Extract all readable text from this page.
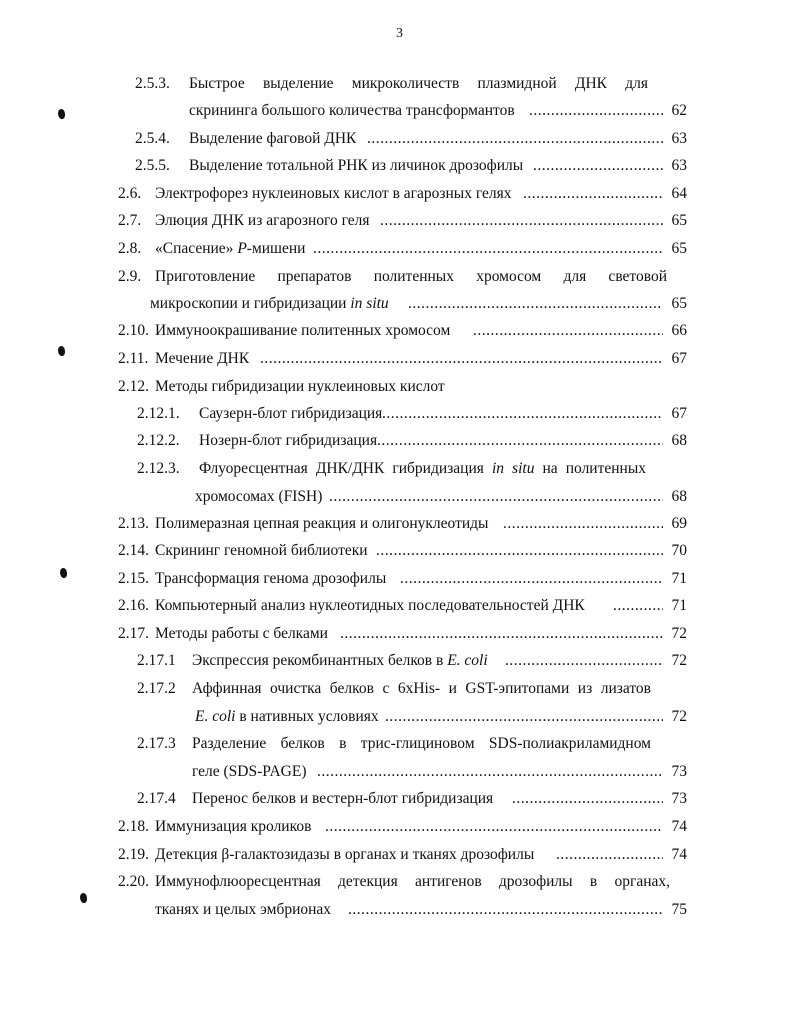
3
2.5.3. Быстрое выделение микроколичеств плазмидной ДНК для
скрининга большого количества трансформантов .....	62
2.5.4. Выделение фаговой ДНК .....	63
2.5.5. Выделение тотальной РНК из личинок дрозофилы .....	63
2.6. Электрофорез нуклеиновых кислот в агарозных гелях .....	64
2.7. Элюция ДНК из агарозного геля .....	65
2.8. «Спасение» P-мишени .....	65
2.9. Приготовление препаратов политенных хромосом для световой
микроскопии и гибридизации in situ .....	65
2.10. Иммуноокрашивание политенных хромосом .....	66
2.11. Мечение ДНК .....	67
2.12. Методы гибридизации нуклеиновых кислот
2.12.1. Саузерн-блот гибридизация .....	67
2.12.2. Нозерн-блот гибридизация .....	68
2.12.3. Флуоресцентная ДНК/ДНК гибридизация in situ на политенных
хромосомах (FISH) .....	68
2.13. Полимеразная цепная реакция и олигонуклеотиды .....	69
2.14. Скрининг геномной библиотеки .....	70
2.15. Трансформация генома дрозофилы .....	71
2.16. Компьютерный анализ нуклеотидных последовательностей ДНК .....	71
2.17. Методы работы с белками .....	72
2.17.1 Экспрессия рекомбинантных белков в E. coli .....	72
2.17.2 Аффинная очистка белков с 6xHis- и GST-эпитопами из лизатов
E. coli в нативных условиях .....	72
2.17.3 Разделение белков в трис-глициновом SDS-полиакриламидном
геле (SDS-PAGE) .....	73
2.17.4 Перенос белков и вестерн-блот гибридизация .....	73
2.18. Иммунизация кроликов .....	74
2.19. Детекция β-галактозидазы в органах и тканях дрозофилы .....	74
2.20. Иммунофлюоресцентная детекция антигенов дрозофилы в органах,
тканях и целых эмбрионах .....	75
